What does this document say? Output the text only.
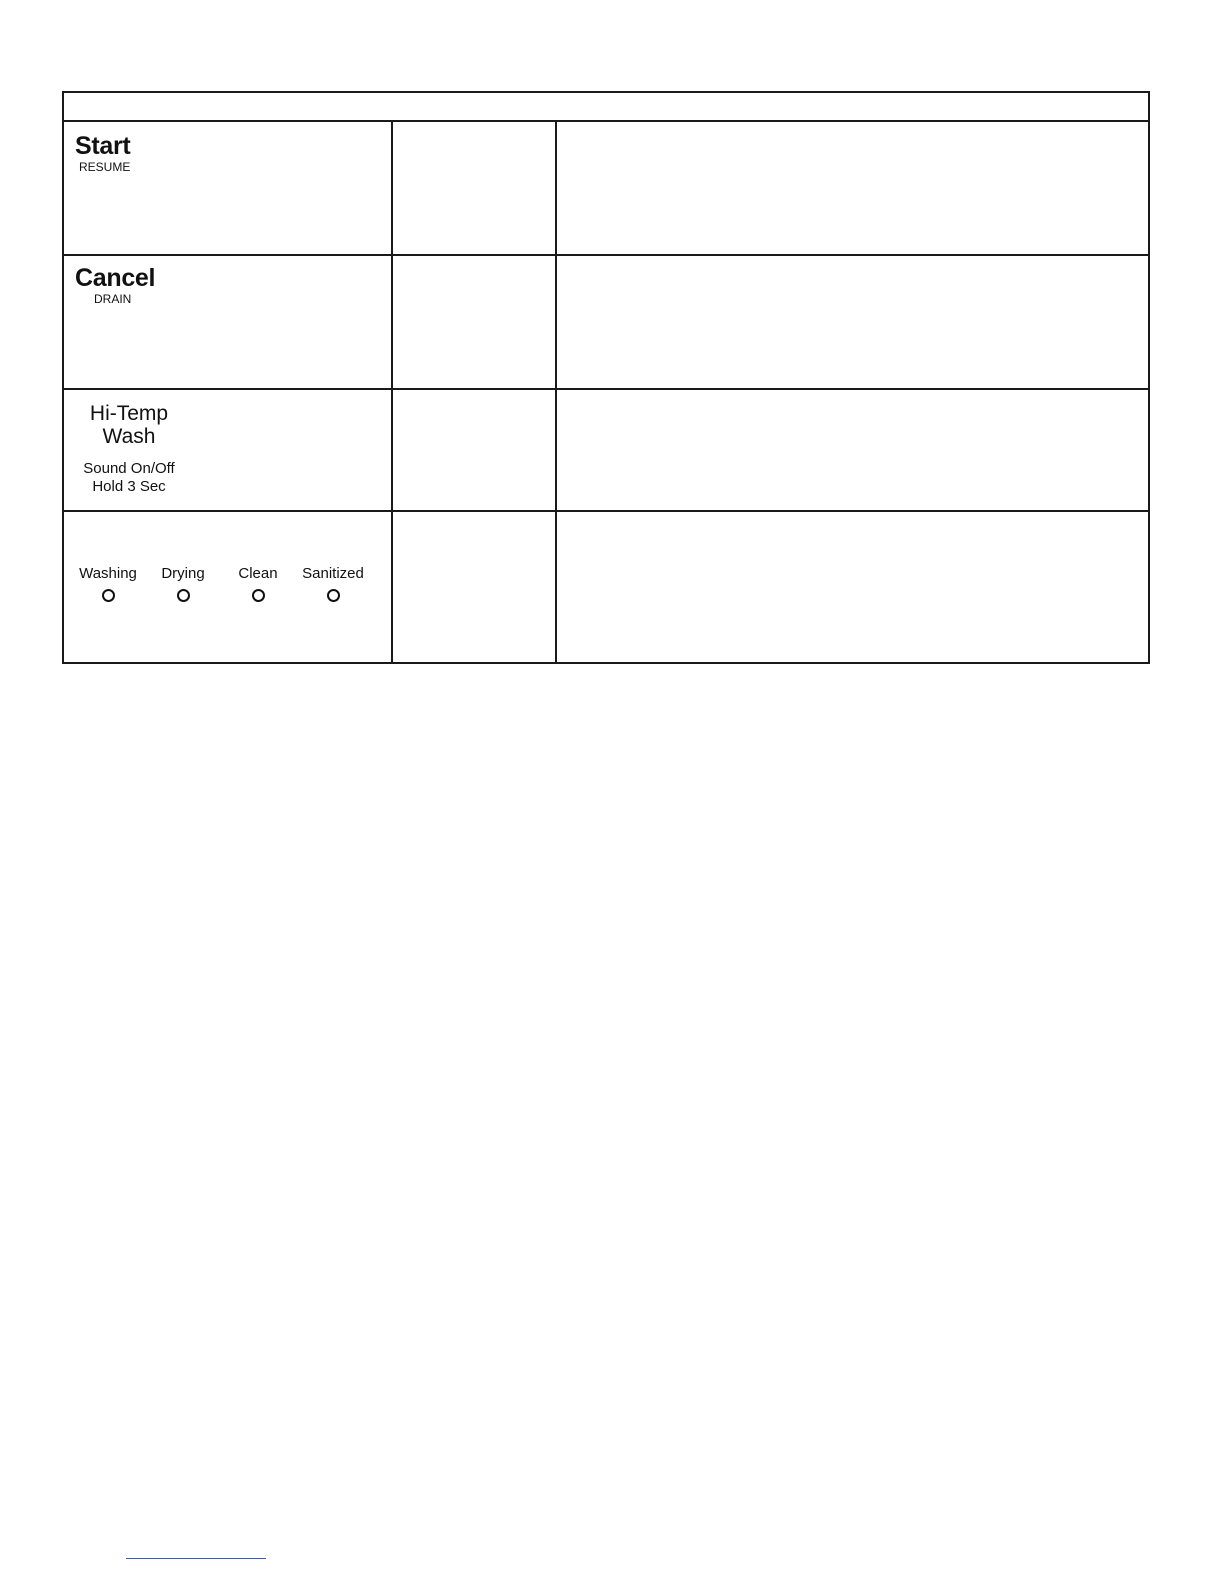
Start
RESUME
Cancel
DRAIN
Hi-Temp
Wash
Sound On/Off
Hold 3 Sec
Washing	Drying	Clean	Sanitized
